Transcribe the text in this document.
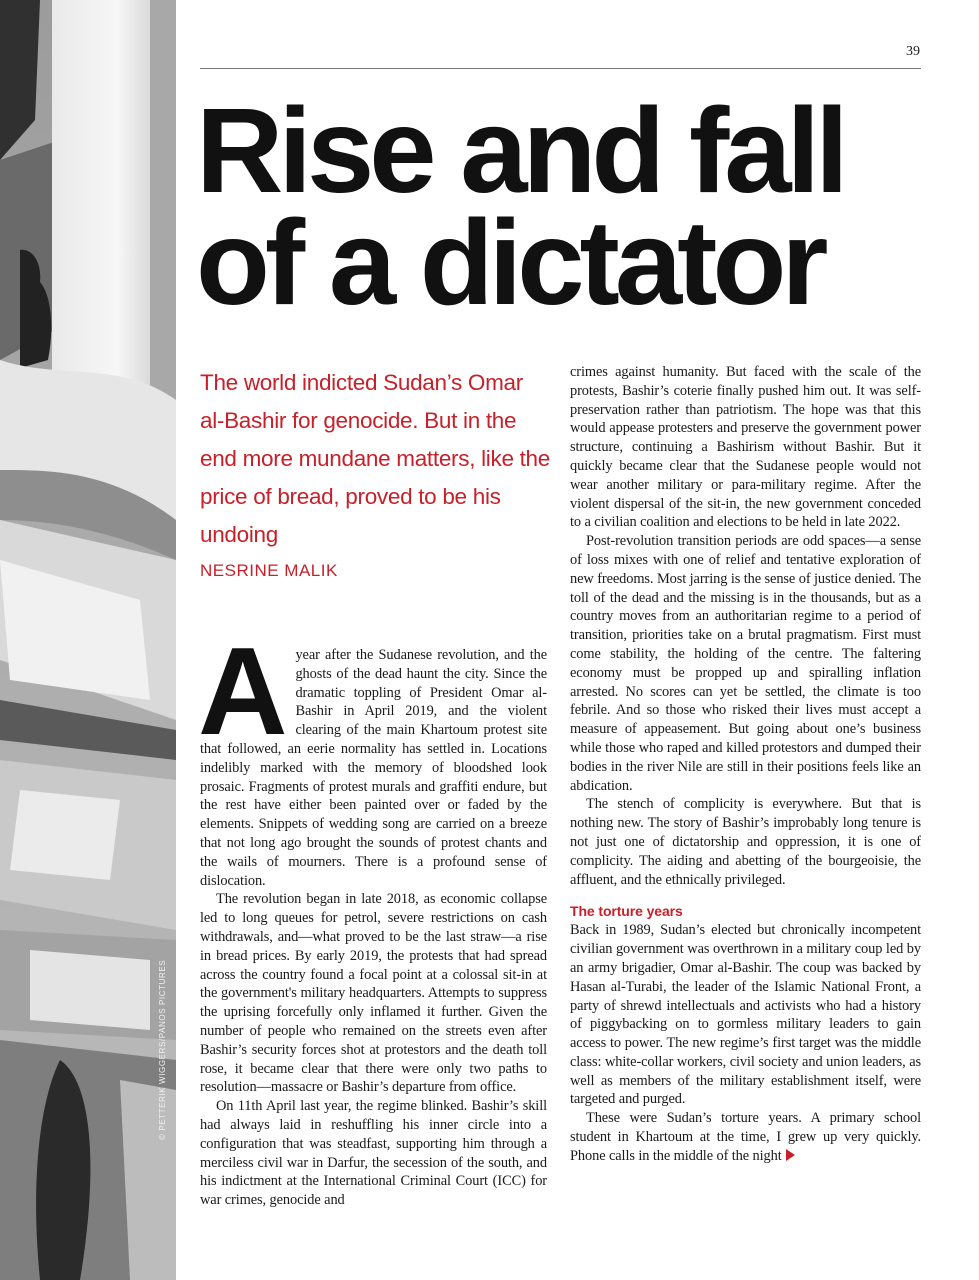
© PETTERIK WIGGERS/PANOS PICTURES
39
Rise and fall
of a dictator

The world indicted Sudan’s Omar al-Bashir for genocide. But in the end more mundane matters, like the price of bread, proved to be his undoing

NESRINE MALIK

Ayear after the Sudanese revolution, and the ghosts of the dead haunt the city. Since the dramatic toppling of President Omar al-Bashir in April 2019, and the violent clearing of the main Khartoum protest site that followed, an eerie normality has settled in. Locations indelibly marked with the memory of bloodshed look prosaic. Fragments of protest murals and graffiti endure, but the rest have either been painted over or faded by the elements. Snippets of wedding song are carried on a breeze that not long ago brought the sounds of protest chants and the wails of mourners. There is a profound sense of dislocation.

The revolution began in late 2018, as economic collapse led to long queues for petrol, severe restrictions on cash withdrawals, and—what proved to be the last straw—a rise in bread prices. By early 2019, the protests that had spread across the country found a focal point at a colossal sit-in at the government's military headquarters. Attempts to suppress the uprising forcefully only inflamed it further. Given the number of people who remained on the streets even after Bashir’s security forces shot at protestors and the death toll rose, it became clear that there were only two paths to resolution—massacre or Bashir’s departure from office.

On 11th April last year, the regime blinked. Bashir’s skill had always laid in reshuffling his inner circle into a configuration that was steadfast, supporting him through a merciless civil war in Darfur, the secession of the south, and his indictment at the International Criminal Court (ICC) for war crimes, genocide and

crimes against humanity. But faced with the scale of the protests, Bashir’s coterie finally pushed him out. It was self-preservation rather than patriotism. The hope was that this would appease protesters and preserve the government power structure, continuing a Bashirism without Bashir. But it quickly became clear that the Sudanese people would not wear another military or para-military regime. After the violent dispersal of the sit-in, the new government conceded to a civilian coalition and elections to be held in late 2022.

Post-revolution transition periods are odd spaces—a sense of loss mixes with one of relief and tentative exploration of new freedoms. Most jarring is the sense of justice denied. The toll of the dead and the missing is in the thousands, but as a country moves from an authoritarian regime to a period of transition, priorities take on a brutal pragmatism. First must come stability, the holding of the centre. The faltering economy must be propped up and spiralling inflation arrested. No scores can yet be settled, the climate is too febrile. And so those who risked their lives must accept a measure of appeasement. But going about one’s business while those who raped and killed protestors and dumped their bodies in the river Nile are still in their positions feels like an abdication.

The stench of complicity is everywhere. But that is nothing new. The story of Bashir’s improbably long tenure is not just one of dictatorship and oppression, it is one of complicity. The aiding and abetting of the bourgeoisie, the affluent, and the ethnically privileged.

The torture years

Back in 1989, Sudan’s elected but chronically incompetent civilian government was overthrown in a military coup led by an army brigadier, Omar al-Bashir. The coup was backed by Hasan al-Turabi, the leader of the Islamic National Front, a party of shrewd intellectuals and activists who had a history of piggybacking on to gormless military leaders to gain access to power. The new regime’s first target was the middle class: white-collar workers, civil society and union leaders, as well as members of the military establishment itself, were targeted and purged.

These were Sudan’s torture years. A primary school student in Khartoum at the time, I grew up very quickly. Phone calls in the middle of the night
